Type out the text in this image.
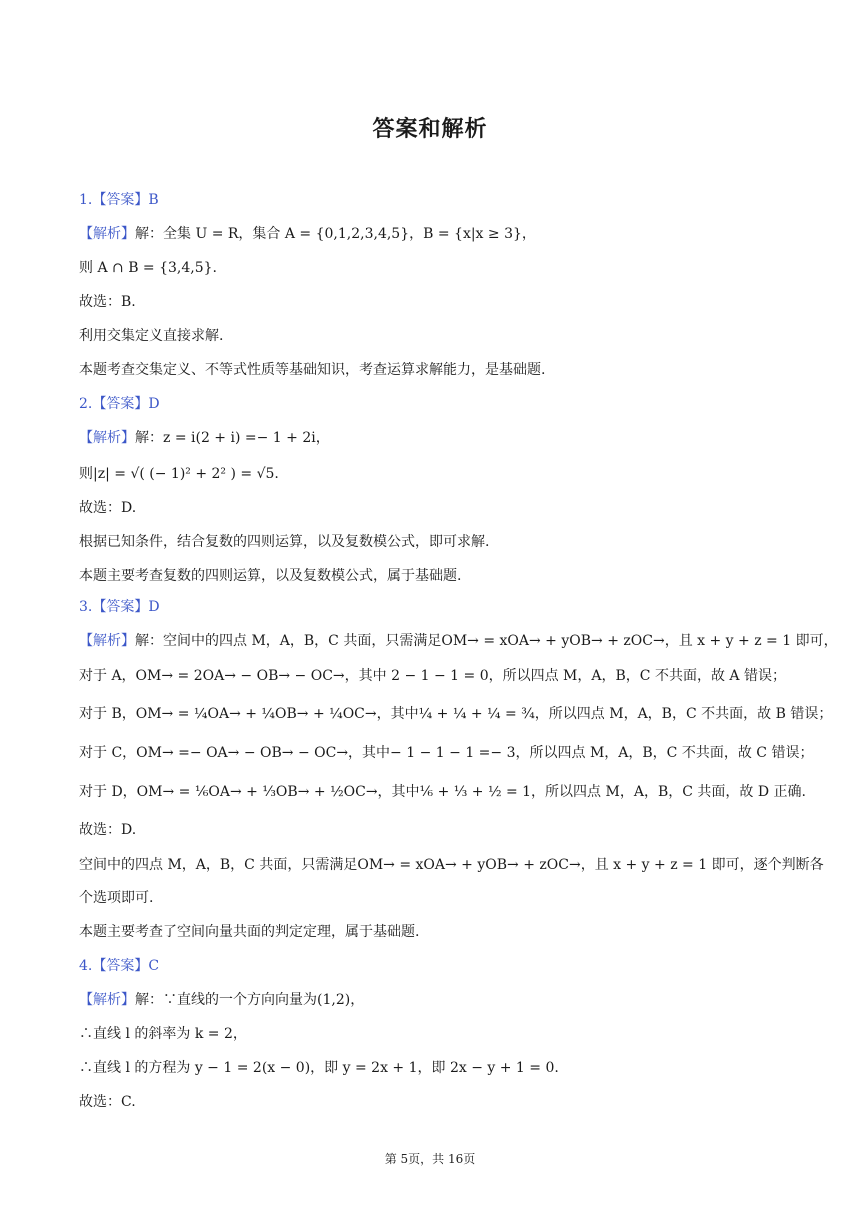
答案和解析
1.【答案】B
【解析】解：全集 U = R，集合 A = {0,1,2,3,4,5}，B = {x|x ≥ 3}，
则 A ∩ B = {3,4,5}.
故选：B.
利用交集定义直接求解.
本题考查交集定义、不等式性质等基础知识，考查运算求解能力，是基础题.
2.【答案】D
【解析】解：z = i(2 + i) =− 1 + 2i，
则|z| = √( (− 1)² + 2² ) = √5.
故选：D.
根据已知条件，结合复数的四则运算，以及复数模公式，即可求解.
本题主要考查复数的四则运算，以及复数模公式，属于基础题.
3.【答案】D
【解析】解：空间中的四点 M，A，B，C 共面，只需满足OM→ = xOA→ + yOB→ + zOC→，且 x + y + z = 1 即可，
对于 A，OM→ = 2OA→ − OB→ − OC→，其中 2 − 1 − 1 = 0，所以四点 M，A，B，C 不共面，故 A 错误；
对于 B，OM→ = ¼OA→ + ¼OB→ + ¼OC→，其中¼ + ¼ + ¼ = ¾，所以四点 M，A，B，C 不共面，故 B 错误；
对于 C，OM→ =− OA→ − OB→ − OC→，其中− 1 − 1 − 1 =− 3，所以四点 M，A，B，C 不共面，故 C 错误；
对于 D，OM→ = ⅙OA→ + ⅓OB→ + ½OC→，其中⅙ + ⅓ + ½ = 1，所以四点 M，A，B，C 共面，故 D 正确.
故选：D.
空间中的四点 M，A，B，C 共面，只需满足OM→ = xOA→ + yOB→ + zOC→，且 x + y + z = 1 即可，逐个判断各
个选项即可.
本题主要考查了空间向量共面的判定定理，属于基础题.
4.【答案】C
【解析】解：∵直线的一个方向向量为(1,2)，
∴直线 l 的斜率为 k = 2，
∴直线 l 的方程为 y − 1 = 2(x − 0)，即 y = 2x + 1，即 2x − y + 1 = 0.
故选：C.
第 5页，共 16页
